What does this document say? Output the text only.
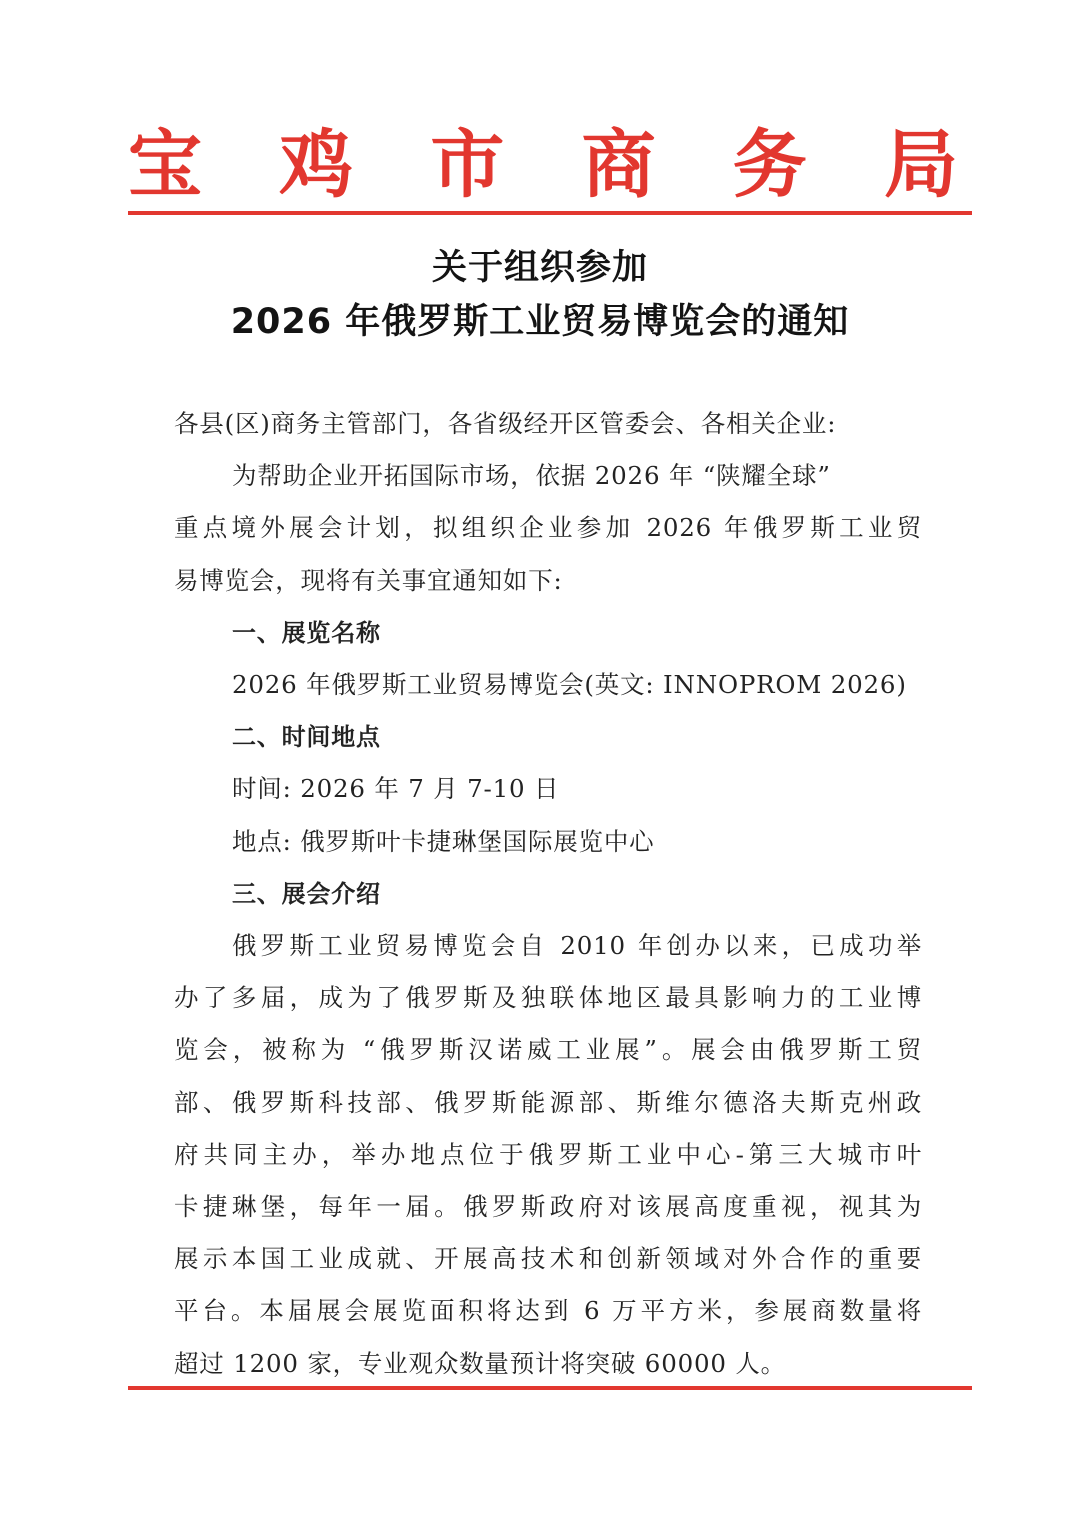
宝 鸡 市 商 务 局
关于组织参加
2026 年俄罗斯工业贸易博览会的通知

各县(区)商务主管部门，各省级经开区管委会、各相关企业:

为帮助企业开拓国际市场，依据 2026 年 “陕耀全球”

重点境外展会计划，拟组织企业参加 2026 年俄罗斯工业贸

易博览会，现将有关事宜通知如下:

一、展览名称

2026 年俄罗斯工业贸易博览会(英文: INNOPROM 2026)

二、时间地点

时间: 2026 年 7 月 7-10 日

地点: 俄罗斯叶卡捷琳堡国际展览中心

三、展会介绍

俄罗斯工业贸易博览会自 2010 年创办以来，已成功举

办了多届，成为了俄罗斯及独联体地区最具影响力的工业博

览会，被称为 “俄罗斯汉诺威工业展”。展会由俄罗斯工贸

部、俄罗斯科技部、俄罗斯能源部、斯维尔德洛夫斯克州政

府共同主办，举办地点位于俄罗斯工业中心-第三大城市叶

卡捷琳堡，每年一届。俄罗斯政府对该展高度重视，视其为

展示本国工业成就、开展高技术和创新领域对外合作的重要

平台。本届展会展览面积将达到 6 万平方米，参展商数量将

超过 1200 家，专业观众数量预计将突破 60000 人。
